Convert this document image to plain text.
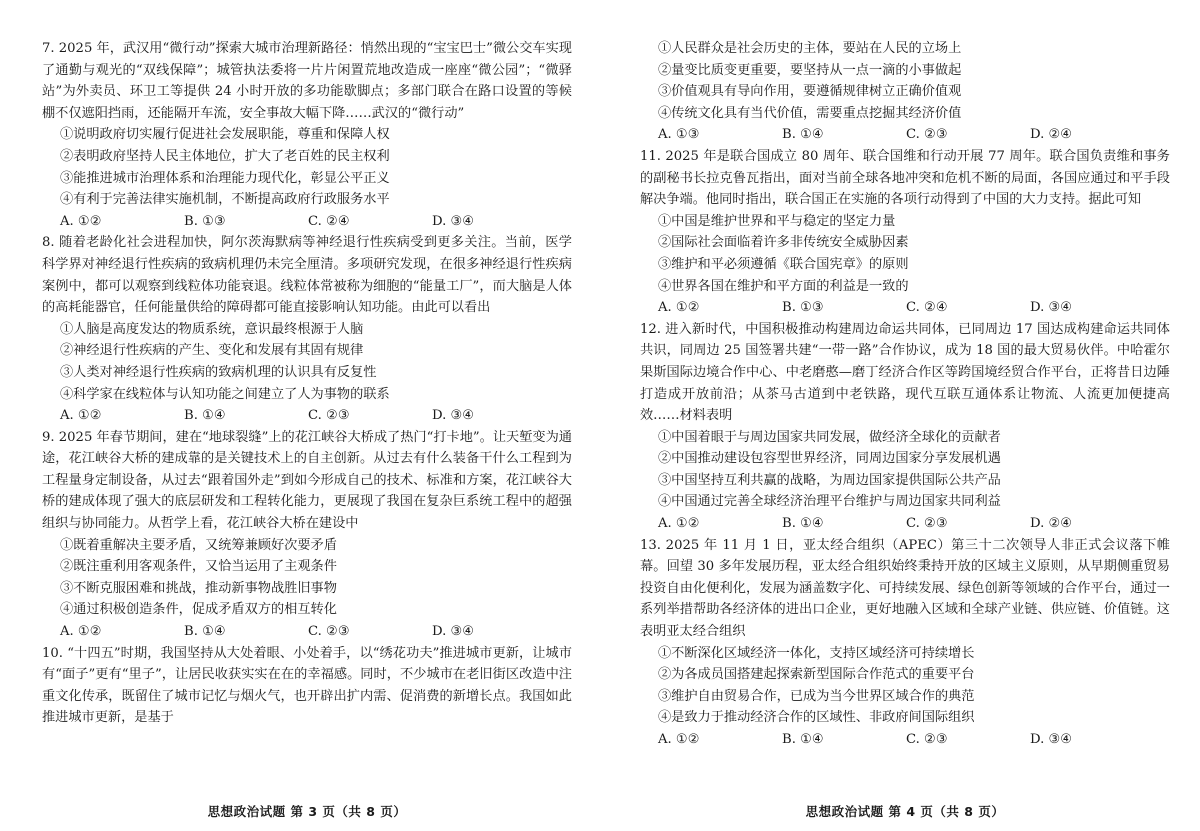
7. 2025 年，武汉用“微行动”探索大城市治理新路径：悄然出现的“宝宝巴士”微公交车实现了通勤与观光的“双线保障”；城管执法委将一片片闲置荒地改造成一座座“微公园”；“微驿站”为外卖员、环卫工等提供 24 小时开放的多功能歇脚点；多部门联合在路口设置的等候棚不仅遮阳挡雨，还能隔开车流，安全事故大幅下降……武汉的“微行动”
①说明政府切实履行促进社会发展职能，尊重和保障人权
②表明政府坚持人民主体地位，扩大了老百姓的民主权利
③能推进城市治理体系和治理能力现代化，彰显公平正义
④有利于完善法律实施机制，不断提高政府行政服务水平
A. ①②	B. ①③	C. ②④	D. ③④
8. 随着老龄化社会进程加快，阿尔茨海默病等神经退行性疾病受到更多关注。当前，医学科学界对神经退行性疾病的致病机理仍未完全厘清。多项研究发现，在很多神经退行性疾病案例中，都可以观察到线粒体功能衰退。线粒体常被称为细胞的“能量工厂”，而大脑是人体的高耗能器官，任何能量供给的障碍都可能直接影响认知功能。由此可以看出
①人脑是高度发达的物质系统，意识最终根源于人脑
②神经退行性疾病的产生、变化和发展有其固有规律
③人类对神经退行性疾病的致病机理的认识具有反复性
④科学家在线粒体与认知功能之间建立了人为事物的联系
A. ①②	B. ①④	C. ②③	D. ③④
9. 2025 年春节期间，建在“地球裂缝”上的花江峡谷大桥成了热门“打卡地”。让天堑变为通途，花江峡谷大桥的建成靠的是关键技术上的自主创新。从过去有什么装备干什么工程到为工程量身定制设备，从过去“跟着国外走”到如今形成自己的技术、标准和方案，花江峡谷大桥的建成体现了强大的底层研发和工程转化能力，更展现了我国在复杂巨系统工程中的超强组织与协同能力。从哲学上看，花江峡谷大桥在建设中
①既着重解决主要矛盾，又统筹兼顾好次要矛盾
②既注重利用客观条件，又恰当运用了主观条件
③不断克服困难和挑战，推动新事物战胜旧事物
④通过积极创造条件，促成矛盾双方的相互转化
A. ①②	B. ①④	C. ②③	D. ③④
10. “十四五”时期，我国坚持从大处着眼、小处着手，以“绣花功夫”推进城市更新，让城市有“面子”更有“里子”，让居民收获实实在在的幸福感。同时，不少城市在老旧街区改造中注重文化传承，既留住了城市记忆与烟火气，也开辟出扩内需、促消费的新增长点。我国如此推进城市更新，是基于
①人民群众是社会历史的主体，要站在人民的立场上
②量变比质变更重要，要坚持从一点一滴的小事做起
③价值观具有导向作用，要遵循规律树立正确价值观
④传统文化具有当代价值，需要重点挖掘其经济价值
A. ①③	B. ①④	C. ②③	D. ②④
11. 2025 年是联合国成立 80 周年、联合国维和行动开展 77 周年。联合国负责维和事务的副秘书长拉克鲁瓦指出，面对当前全球各地冲突和危机不断的局面，各国应通过和平手段解决争端。他同时指出，联合国正在实施的各项行动得到了中国的大力支持。据此可知
①中国是维护世界和平与稳定的坚定力量
②国际社会面临着许多非传统安全威胁因素
③维护和平必须遵循《联合国宪章》的原则
④世界各国在维护和平方面的利益是一致的
A. ①②	B. ①③	C. ②④	D. ③④
12. 进入新时代，中国积极推动构建周边命运共同体，已同周边 17 国达成构建命运共同体共识，同周边 25 国签署共建“一带一路”合作协议，成为 18 国的最大贸易伙伴。中哈霍尔果斯国际边境合作中心、中老磨憨—磨丁经济合作区等跨国境经贸合作平台，正将昔日边陲打造成开放前沿；从茶马古道到中老铁路，现代互联互通体系让物流、人流更加便捷高效……材料表明
①中国着眼于与周边国家共同发展，做经济全球化的贡献者
②中国推动建设包容型世界经济，同周边国家分享发展机遇
③中国坚持互利共赢的战略，为周边国家提供国际公共产品
④中国通过完善全球经济治理平台维护与周边国家共同利益
A. ①②	B. ①④	C. ②③	D. ②④
13. 2025 年 11 月 1 日，亚太经合组织（APEC）第三十二次领导人非正式会议落下帷幕。回望 30 多年发展历程，亚太经合组织始终秉持开放的区域主义原则，从早期侧重贸易投资自由化便利化，发展为涵盖数字化、可持续发展、绿色创新等领域的合作平台，通过一系列举措帮助各经济体的进出口企业，更好地融入区域和全球产业链、供应链、价值链。这表明亚太经合组织
①不断深化区域经济一体化，支持区域经济可持续增长
②为各成员国搭建起探索新型国际合作范式的重要平台
③维护自由贸易合作，已成为当今世界区域合作的典范
④是致力于推动经济合作的区域性、非政府间国际组织
A. ①②	B. ①④	C. ②③	D. ③④
思想政治试题 第 3 页（共 8 页）	思想政治试题 第 4 页（共 8 页）
